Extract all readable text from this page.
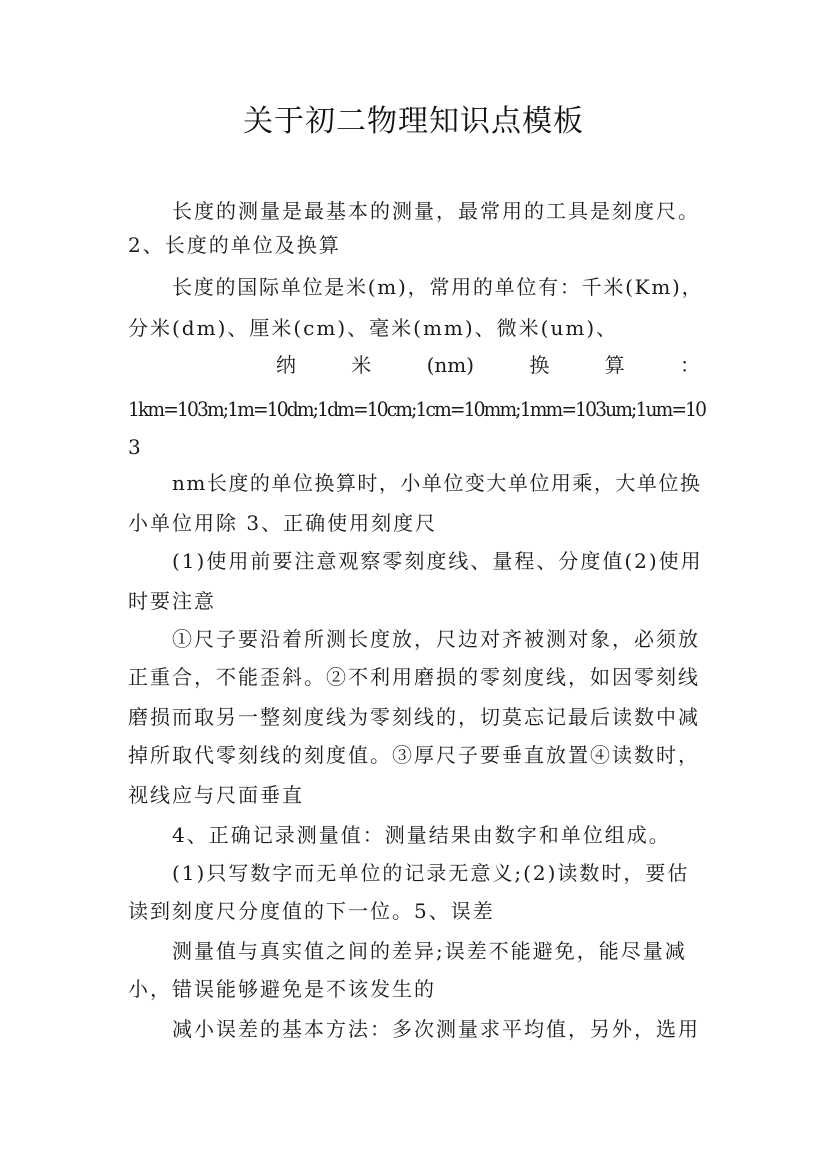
关于初二物理知识点模板
长度的测量是最基本的测量，最常用的工具是刻度尺。
2、长度的单位及换算
长度的国际单位是米(m)，常用的单位有：千米(Km)，
分米(dm)、厘米(cm)、毫米(mm)、微米(um)、
纳	米	(nm)	换	算	：
1km=103m;1m=10dm;1dm=10cm;1cm=10mm;1mm=103um;1um=10
3
nm长度的单位换算时，小单位变大单位用乘，大单位换
小单位用除 3、正确使用刻度尺
(1)使用前要注意观察零刻度线、量程、分度值(2)使用
时要注意
①尺子要沿着所测长度放，尺边对齐被测对象，必须放
正重合，不能歪斜。②不利用磨损的零刻度线，如因零刻线
磨损而取另一整刻度线为零刻线的，切莫忘记最后读数中减
掉所取代零刻线的刻度值。③厚尺子要垂直放置④读数时，
视线应与尺面垂直
4、正确记录测量值：测量结果由数字和单位组成。
(1)只写数字而无单位的记录无意义;(2)读数时，要估
读到刻度尺分度值的下一位。5、误差
测量值与真实值之间的差异;误差不能避免，能尽量减
小，错误能够避免是不该发生的
减小误差的基本方法：多次测量求平均值，另外，选用
